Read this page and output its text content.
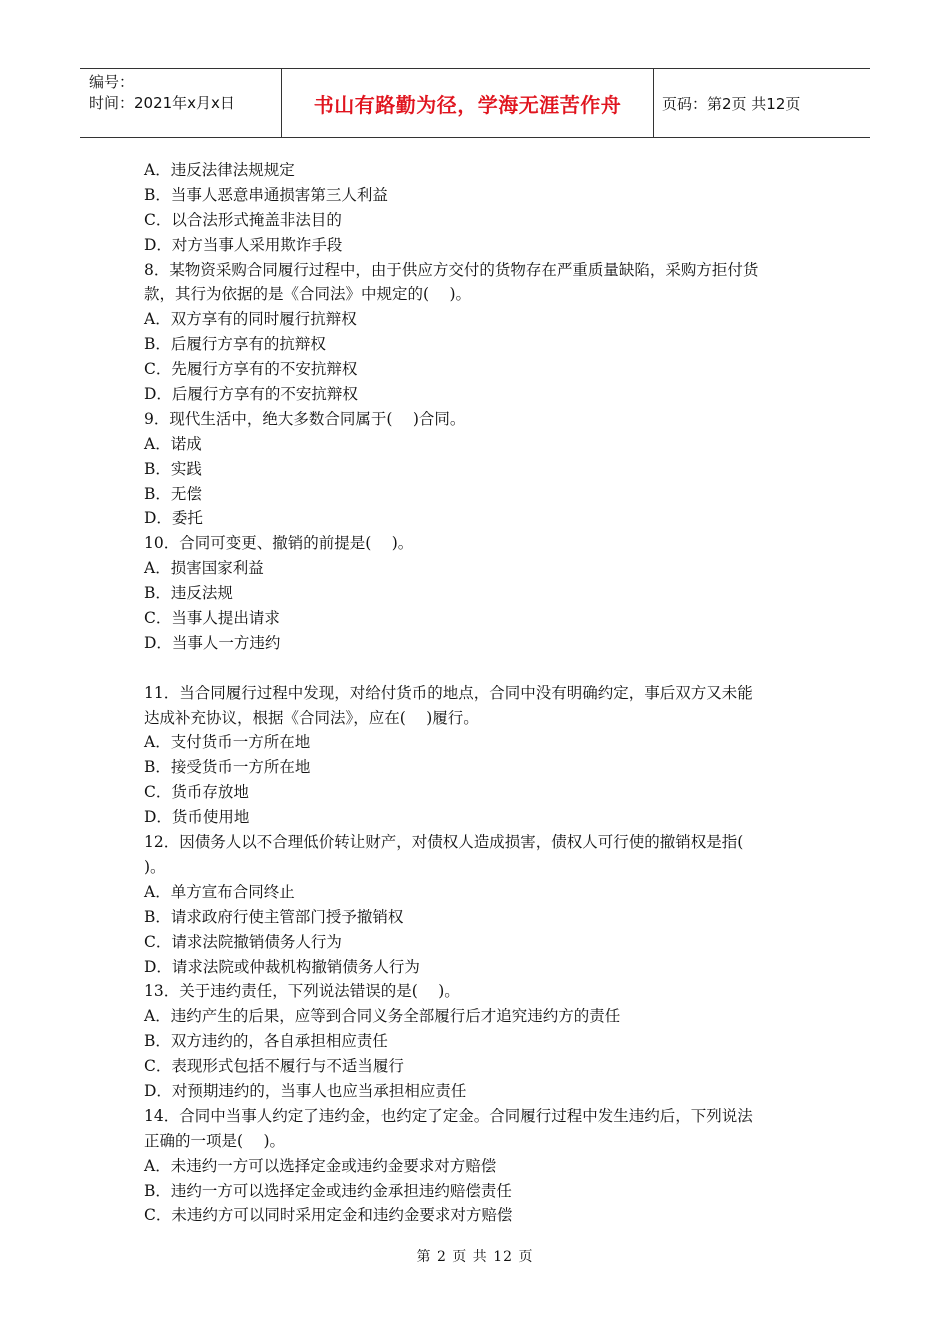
编号：
时间：2021年x月x日	书山有路勤为径，学海无涯苦作舟	页码：第2页 共12页
A．违反法律法规规定
B．当事人恶意串通损害第三人利益
C．以合法形式掩盖非法目的
D．对方当事人采用欺诈手段
8．某物资采购合同履行过程中，由于供应方交付的货物存在严重质量缺陷，采购方拒付货
款，其行为依据的是《合同法》中规定的(　 )。
A．双方享有的同时履行抗辩权
B．后履行方享有的抗辩权
C．先履行方享有的不安抗辩权
D．后履行方享有的不安抗辩权
9．现代生活中，绝大多数合同属于(　 )合同。
A．诺成
B．实践
B．无偿
D．委托
10．合同可变更、撤销的前提是(　 )。
A．损害国家利益
B．违反法规
C．当事人提出请求
D．当事人一方违约
11．当合同履行过程中发现，对给付货币的地点，合同中没有明确约定，事后双方又未能
达成补充协议，根据《合同法》，应在(　 )履行。
A．支付货币一方所在地
B．接受货币一方所在地
C．货币存放地
D．货币使用地
12．因债务人以不合理低价转让财产，对债权人造成损害，债权人可行使的撤销权是指(
)。
A．单方宣布合同终止
B．请求政府行使主管部门授予撤销权
C．请求法院撤销债务人行为
D．请求法院或仲裁机构撤销债务人行为
13．关于违约责任，下列说法错误的是(　 )。
A．违约产生的后果，应等到合同义务全部履行后才追究违约方的责任
B．双方违约的，各自承担相应责任
C．表现形式包括不履行与不适当履行
D．对预期违约的，当事人也应当承担相应责任
14．合同中当事人约定了违约金，也约定了定金。合同履行过程中发生违约后，下列说法
正确的一项是(　 )。
A．未违约一方可以选择定金或违约金要求对方赔偿
B．违约一方可以选择定金或违约金承担违约赔偿责任
C．未违约方可以同时采用定金和违约金要求对方赔偿
第 2 页 共 12 页
